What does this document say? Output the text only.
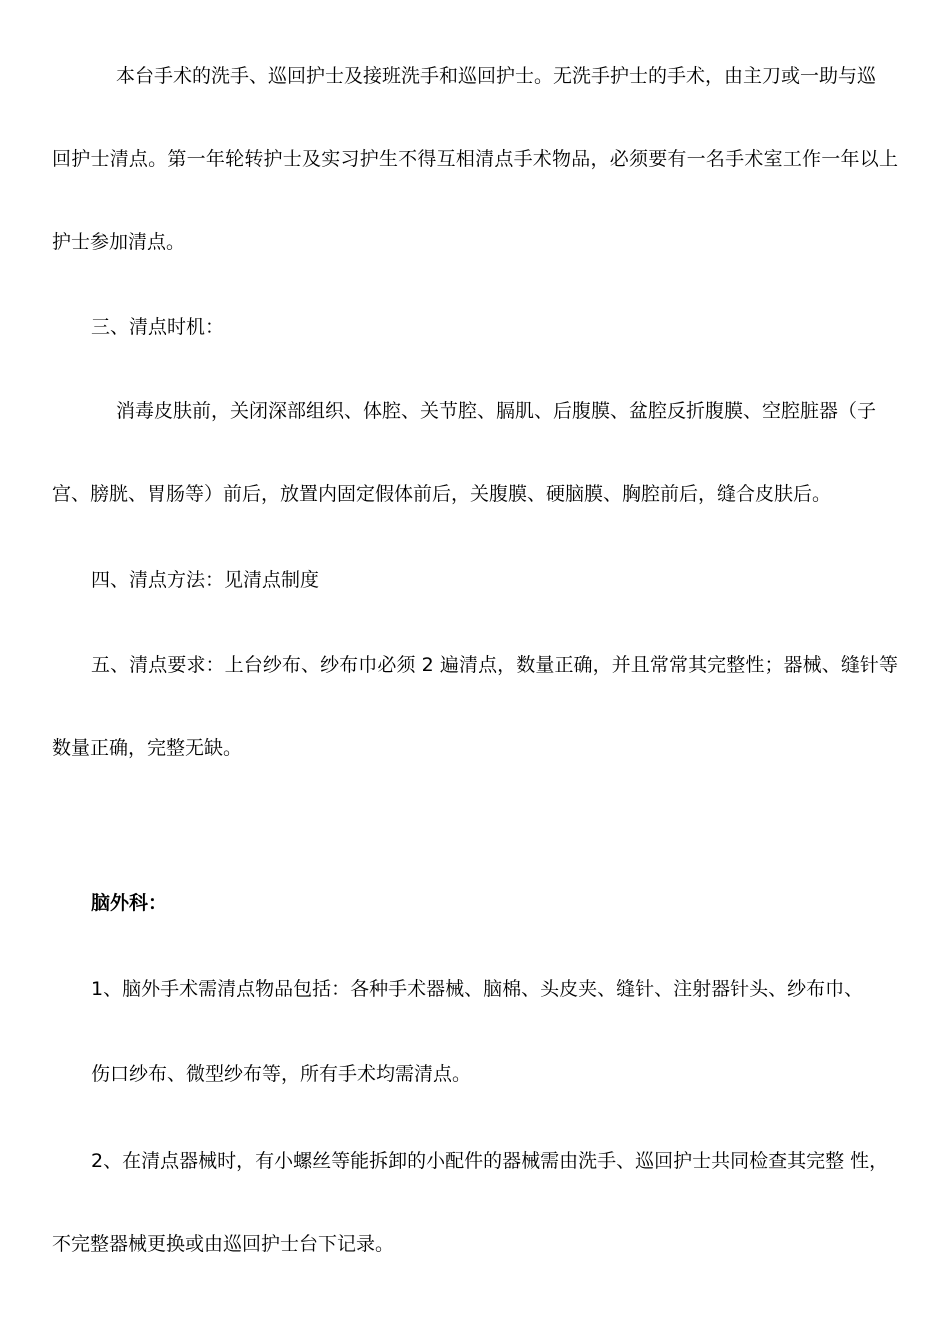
本台手术的洗手、巡回护士及接班洗手和巡回护士。无洗手护士的手术，由主刀或一助与巡
回护士清点。第一年轮转护士及实习护生不得互相清点手术物品，必须要有一名手术室工作一年以上
护士参加清点。
三、清点时机：
消毒皮肤前，关闭深部组织、体腔、关节腔、膈肌、后腹膜、盆腔反折腹膜、空腔脏器（子
宫、膀胱、胃肠等）前后，放置内固定假体前后，关腹膜、硬脑膜、胸腔前后，缝合皮肤后。
四、清点方法：见清点制度
五、清点要求：上台纱布、纱布巾必须 2 遍清点，数量正确，并且常常其完整性；器械、缝针等
数量正确，完整无缺。
脑外科：
1、脑外手术需清点物品包括：各种手术器械、脑棉、头皮夹、缝针、注射器针头、纱布巾、
伤口纱布、微型纱布等，所有手术均需清点。
2、在清点器械时，有小螺丝等能拆卸的小配件的器械需由洗手、巡回护士共同检查其完整 性，
不完整器械更换或由巡回护士台下记录。
